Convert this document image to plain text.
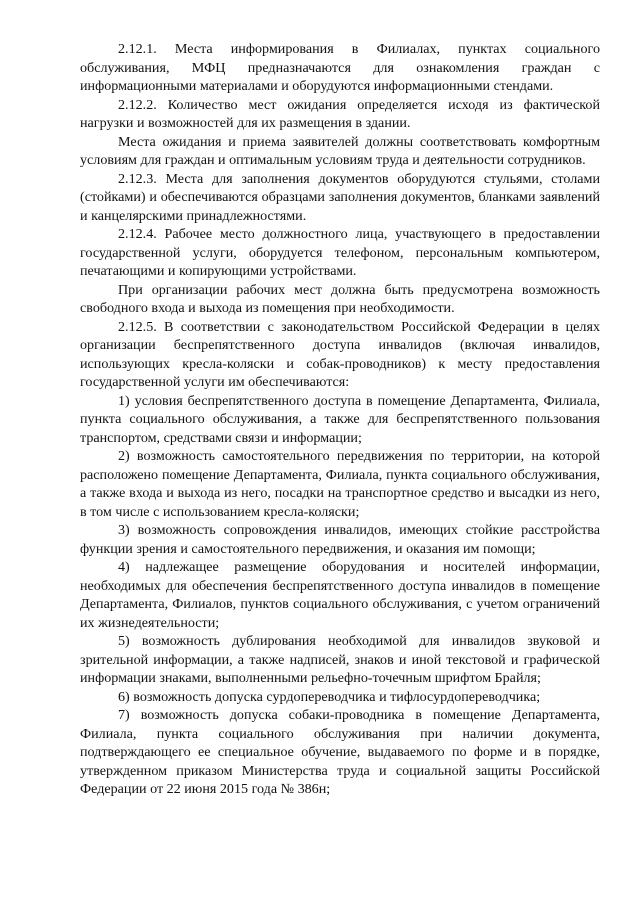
2.12.1. Места информирования в Филиалах, пунктах социального обслуживания, МФЦ предназначаются для ознакомления граждан с информационными материалами и оборудуются информационными стендами.

2.12.2. Количество мест ожидания определяется исходя из фактической нагрузки и возможностей для их размещения в здании.

Места ожидания и приема заявителей должны соответствовать комфортным условиям для граждан и оптимальным условиям труда и деятельности сотрудников.

2.12.3. Места для заполнения документов оборудуются стульями, столами (стойками) и обеспечиваются образцами заполнения документов, бланками заявлений и канцелярскими принадлежностями.

2.12.4. Рабочее место должностного лица, участвующего в предоставлении государственной услуги, оборудуется телефоном, персональным компьютером, печатающими и копирующими устройствами.

При организации рабочих мест должна быть предусмотрена возможность свободного входа и выхода из помещения при необходимости.

2.12.5. В соответствии с законодательством Российской Федерации в целях организации беспрепятственного доступа инвалидов (включая инвалидов, использующих кресла-коляски и собак-проводников) к месту предоставления государственной услуги им обеспечиваются:

1) условия беспрепятственного доступа в помещение Департамента, Филиала, пункта социального обслуживания, а также для беспрепятственного пользования транспортом, средствами связи и информации;

2) возможность самостоятельного передвижения по территории, на которой расположено помещение Департамента, Филиала, пункта социального обслуживания, а также входа и выхода из него, посадки на транспортное средство и высадки из него, в том числе с использованием кресла-коляски;

3) возможность сопровождения инвалидов, имеющих стойкие расстройства функции зрения и самостоятельного передвижения, и оказания им помощи;

4) надлежащее размещение оборудования и носителей информации, необходимых для обеспечения беспрепятственного доступа инвалидов в помещение Департамента, Филиалов, пунктов социального обслуживания, с учетом ограничений их жизнедеятельности;

5) возможность дублирования необходимой для инвалидов звуковой и зрительной информации, а также надписей, знаков и иной текстовой и графической информации знаками, выполненными рельефно-точечным шрифтом Брайля;

6) возможность допуска сурдопереводчика и тифлосурдопереводчика;

7) возможность допуска собаки-проводника в помещение Департамента, Филиала, пункта социального обслуживания при наличии документа, подтверждающего ее специальное обучение, выдаваемого по форме и в порядке, утвержденном приказом Министерства труда и социальной защиты Российской Федерации от 22 июня 2015 года № 386н;
